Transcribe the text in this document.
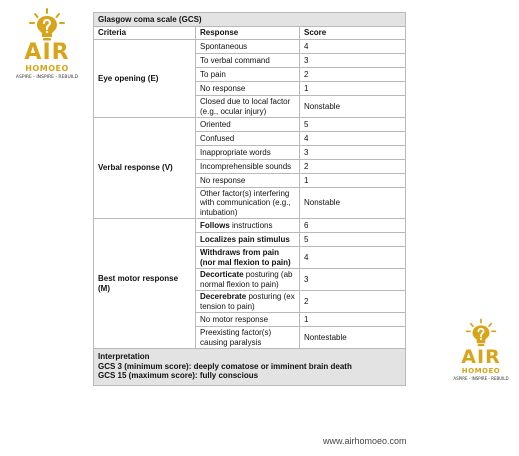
AIR
HOMOEO
ASPIRE - INSPIRE - REBUILD
Glasgow coma scale (GCS)		
Criteria	Response	Score
Eye opening (E)	Spontaneous	4
	To verbal command	3
	To pain	2
	No response	1
	Closed due to local factor (e.g., ocular injury)	Nonstable
Verbal response (V)	Oriented	5
	Confused	4
	Inappropriate words	3
	Incomprehensible sounds	2
	No response	1
	Other factor(s) interfering with communication (e.g., intubation)	Nonstable
Best motor response (M)	Follows instructions	6
	Localizes pain stimulus	5
	Withdraws from pain (nor mal flexion to pain)	4
	Decorticate posturing (ab normal flexion to pain)	3
	Decerebrate posturing (ex tension to pain)	2
	No motor response	1
	Preexisting factor(s) causing paralysis	Nontestable

Interpretation
GCS 3 (minimum score): deeply comatose or imminent brain death
GCS 15 (maximum score): fully conscious		
AIR
HOMOEO
ASPIRE - INSPIRE - REBUILD
www.airhomoeo.com
